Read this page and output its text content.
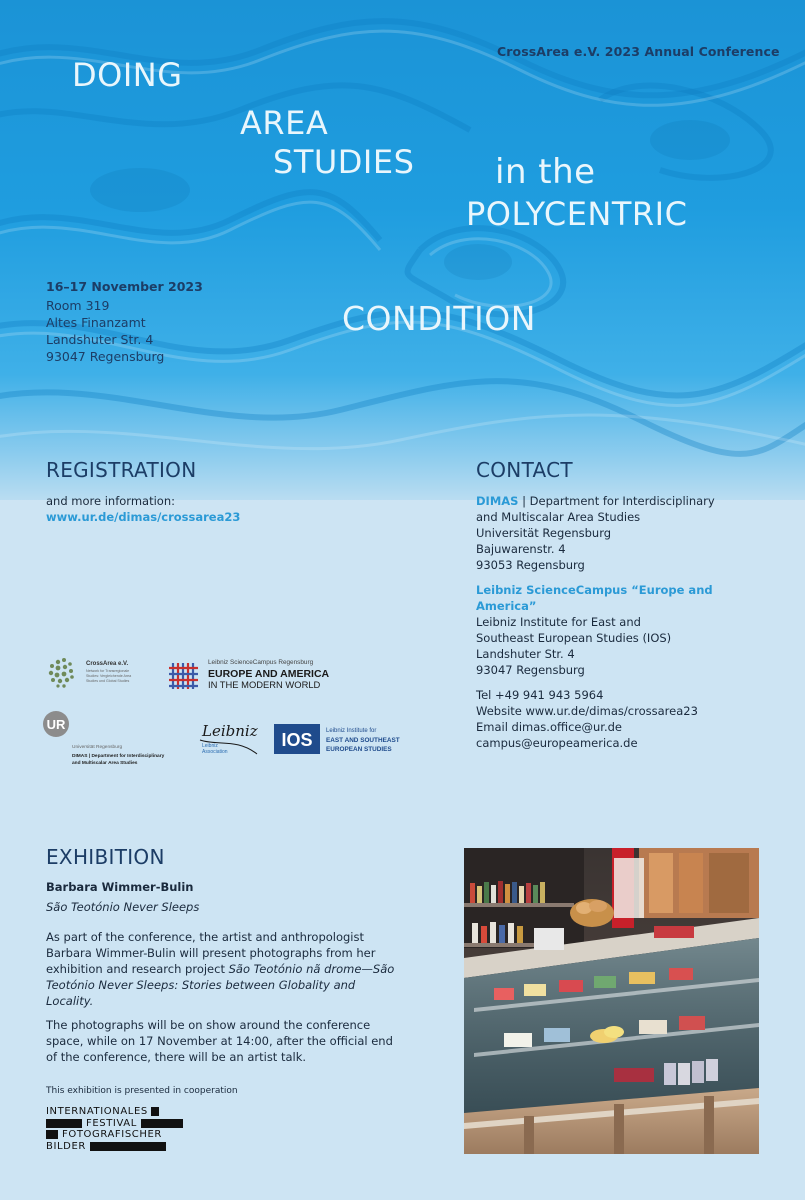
CrossArea e.V. 2023 Annual Conference
DOING
AREA
STUDIES in the
POLYCENTRIC
CONDITION
16–17 November 2023
Room 319
Altes Finanzamt
Landshuter Str. 4
93047 Regensburg
REGISTRATION
and more information:
www.ur.de/dimas/crossarea23
CONTACT
DIMAS | Department for Interdisciplinary
and Multiscalar Area Studies
Universität Regensburg
Bajuwarenstr. 4
93053 Regensburg
Leibniz ScienceCampus “Europe and America”
Leibniz Institute for East and
Southeast European Studies (IOS)
Landshuter Str. 4
93047 Regensburg
Tel +49 941 943 5964
Website www.ur.de/dimas/crossarea23
Email dimas.office@ur.de
campus@europeamerica.de
CrossArea e.V.
Network for Transregionale
Studies: Vergleichende Area
Studies und Global Studies
Leibniz ScienceCampus Regensburg
EUROPE AND AMERICA
IN THE MODERN WORLD
UR
Universität Regensburg
DIMAS | Department for Interdisciplinary
and Multiscalar Area Studies
Leibniz
Leibniz
Association
IOS Leibniz Institute for
EAST AND SOUTHEAST
EUROPEAN STUDIES
EXHIBITION
Barbara Wimmer-Bulin
São Teotónio Never Sleeps

As part of the conference, the artist and anthropologist Barbara Wimmer-Bulin will present photographs from her exhibition and research project São Teotónio nã drome—São Teotónio Never Sleeps: Stories between Globality and Locality.

The photographs will be on show around the conference space, while on 17 November at 14:00, after the official end of the conference, there will be an artist talk.

This exhibition is presented in cooperation
INTERNATIONALES
FESTIVAL
FOTOGRAFISCHER
BILDER
